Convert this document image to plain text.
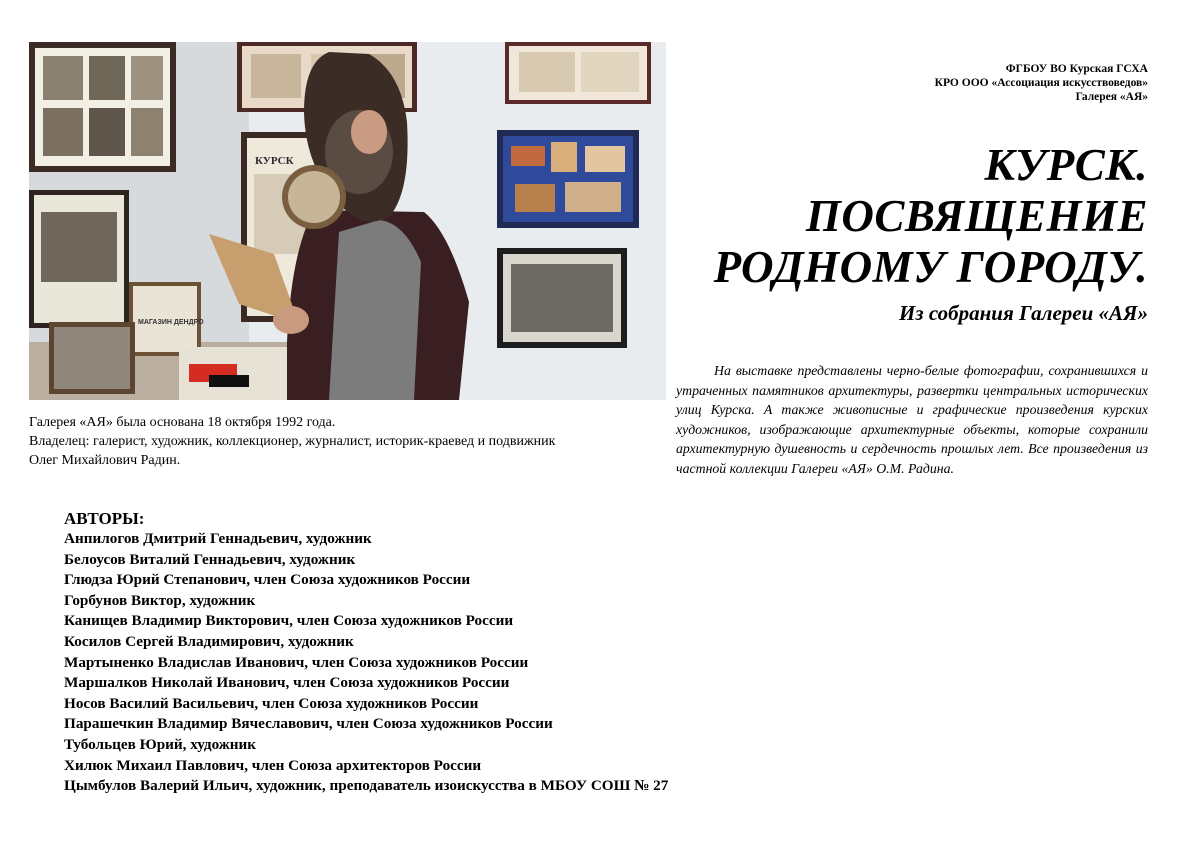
КУРСК
МАГАЗИН ДЕНДРО
Галерея «АЯ» была основана 18 октября 1992 года.
Владелец: галерист, художник, коллекционер, журналист, историк-краевед и подвижник
Олег Михайлович Радин.
ФГБОУ ВО Курская ГСХА
КРО ООО «Ассоциация искусствоведов»
Галерея «АЯ»
КУРСК.
ПОСВЯЩЕНИЕ
РОДНОМУ ГОРОДУ.
Из собрания Галереи «АЯ»
На выставке представлены черно-белые фотографии, сохранившихся и утраченных памятников архитектуры, развертки центральных исторических улиц Курска. А также живописные и графические произведения курских художников, изображающие архитектурные объекты, которые сохранили архитектурную душевность и сердечность прошлых лет. Все произведения из частной коллекции Галереи «АЯ» О.М. Радина.
АВТОРЫ:
Анпилогов Дмитрий Геннадьевич, художник
Белоусов Виталий Геннадьевич, художник
Глюдза Юрий Степанович, член Союза художников России
Горбунов Виктор, художник
Канищев Владимир Викторович, член Союза художников России
Косилов Сергей Владимирович, художник
Мартыненко Владислав Иванович, член Союза художников России
Маршалков Николай Иванович, член Союза художников России
Носов Василий Васильевич, член Союза художников России
Парашечкин Владимир Вячеславович, член Союза художников России
Тубольцев Юрий, художник
Хилюк Михаил Павлович, член Союза архитекторов России
Цымбулов Валерий Ильич, художник, преподаватель изоискусства в МБОУ СОШ № 27
